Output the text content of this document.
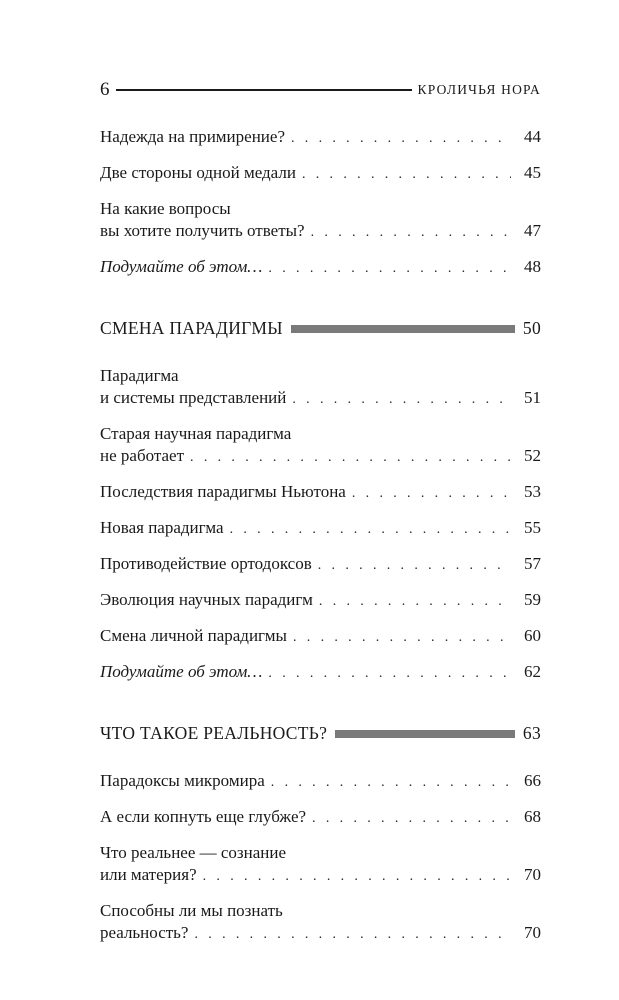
6	КРОЛИЧЬЯ НОРА
Надежда на примирение? . . .	44
Две стороны одной медали . . .	45
На какие вопросы
вы хотите получить ответы? . . .	47
Подумайте об этом… . . .	48
СМЕНА ПАРАДИГМЫ	50
Парадигма
и системы представлений . . .	51
Старая научная парадигма
не работает . . .	52
Последствия парадигмы Ньютона . . .	53
Новая парадигма . . .	55
Противодействие ортодоксов . . .	57
Эволюция научных парадигм . . .	59
Смена личной парадигмы . . .	60
Подумайте об этом… . . .	62
ЧТО ТАКОЕ РЕАЛЬНОСТЬ?	63
Парадоксы микромира . . .	66
А если копнуть еще глубже? . . .	68
Что реальнее — сознание
или материя? . . .	70
Способны ли мы познать
реальность? . . .	70
